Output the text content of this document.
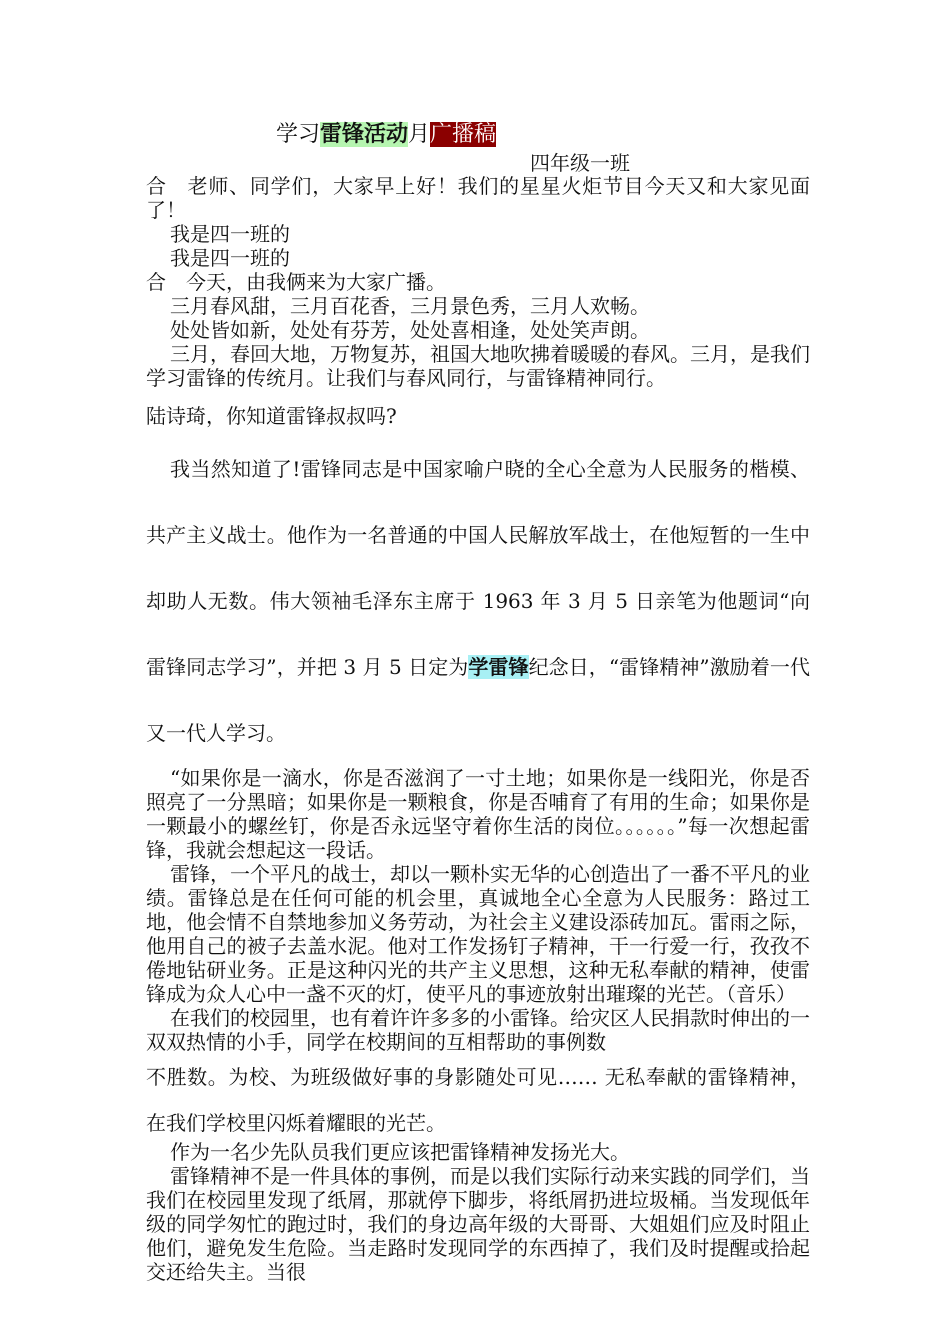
学习雷锋活动月广播稿
四年级一班

合　老师、同学们，大家早上好！我们的星星火炬节目今天又和大家见面了！

我是四一班的

我是四一班的

合　今天，由我俩来为大家广播。

三月春风甜，三月百花香，三月景色秀，三月人欢畅。

处处皆如新，处处有芬芳，处处喜相逢，处处笑声朗。

三月，春回大地，万物复苏，祖国大地吹拂着暖暖的春风。三月，是我们学习雷锋的传统月。让我们与春风同行，与雷锋精神同行。

陆诗琦，你知道雷锋叔叔吗?

我当然知道了!雷锋同志是中国家喻户晓的全心全意为人民服务的楷模、共产主义战士。他作为一名普通的中国人民解放军战士，在他短暂的一生中却助人无数。伟大领袖毛泽东主席于 1963 年 3 月 5 日亲笔为他题词“向雷锋同志学习”，并把 3 月 5 日定为学雷锋纪念日，“雷锋精神”激励着一代又一代人学习。

“如果你是一滴水，你是否滋润了一寸土地；如果你是一线阳光，你是否照亮了一分黑暗；如果你是一颗粮食，你是否哺育了有用的生命；如果你是一颗最小的螺丝钉，你是否永远坚守着你生活的岗位。。。。。。”每一次想起雷锋，我就会想起这一段话。

雷锋，一个平凡的战士，却以一颗朴实无华的心创造出了一番不平凡的业绩。雷锋总是在任何可能的机会里，真诚地全心全意为人民服务：路过工地，他会情不自禁地参加义务劳动，为社会主义建设添砖加瓦。雷雨之际，他用自己的被子去盖水泥。他对工作发扬钉子精神，干一行爱一行，孜孜不倦地钻研业务。正是这种闪光的共产主义思想，这种无私奉献的精神，使雷锋成为众人心中一盏不灭的灯，使平凡的事迹放射出璀璨的光芒。（音乐）

在我们的校园里，也有着许许多多的小雷锋。给灾区人民捐款时伸出的一双双热情的小手，同学在校期间的互相帮助的事例数

不胜数。为校、为班级做好事的身影随处可见…… 无私奉献的雷锋精神，在我们学校里闪烁着耀眼的光芒。

作为一名少先队员我们更应该把雷锋精神发扬光大。

雷锋精神不是一件具体的事例，而是以我们实际行动来实践的同学们，当我们在校园里发现了纸屑，那就停下脚步，将纸屑扔进垃圾桶。当发现低年级的同学匆忙的跑过时，我们的身边高年级的大哥哥、大姐姐们应及时阻止他们，避免发生危险。当走路时发现同学的东西掉了，我们及时提醒或拾起交还给失主。当很
